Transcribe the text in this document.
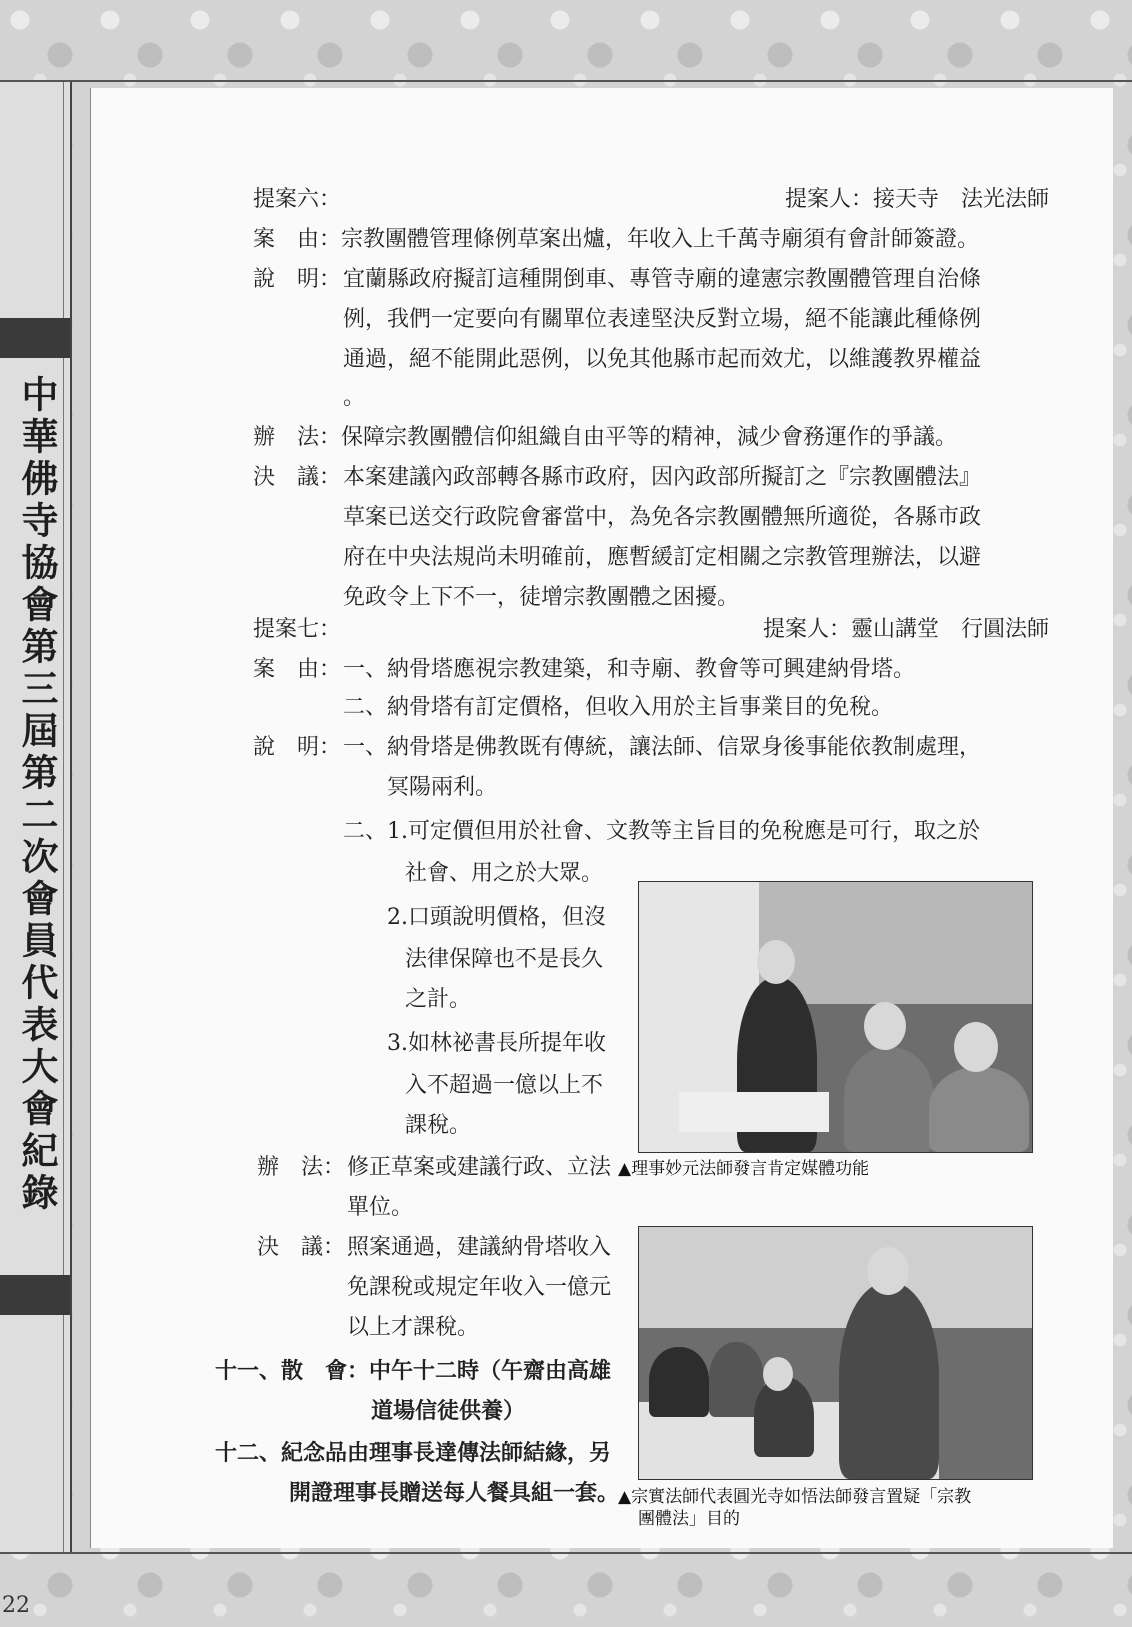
中華佛寺協會第三屆第二次會員代表大會紀錄
提案六：	提案人：接天寺　法光法師
案　由：宗教團體管理條例草案出爐，年收入上千萬寺廟須有會計師簽證。
說　明： 宜蘭縣政府擬訂這種開倒車、專管寺廟的違憲宗教團體管理自治條
例，我們一定要向有關單位表達堅決反對立場，絕不能讓此種條例
通過，絕不能開此惡例，以免其他縣市起而效尤，以維護教界權益
。
辦　法：保障宗教團體信仰組織自由平等的精神，減少會務運作的爭議。
決　議： 本案建議內政部轉各縣市政府，因內政部所擬訂之『宗教團體法』
草案已送交行政院會審當中，為免各宗教團體無所適從，各縣市政
府在中央法規尚未明確前，應暫緩訂定相關之宗教管理辦法，以避
免政令上下不一，徒增宗教團體之困擾。
提案七：	提案人：靈山講堂　行圓法師
案　由： 一、納骨塔應視宗教建築，和寺廟、教會等可興建納骨塔。
二、納骨塔有訂定價格，但收入用於主旨事業目的免稅。
說　明： 一、納骨塔是佛教既有傳統，讓法師、信眾身後事能依教制處理，
冥陽兩利。
二、1.可定價但用於社會、文教等主旨目的免稅應是可行，取之於
社會、用之於大眾。
2.口頭說明價格，但沒
法律保障也不是長久
之計。
3.如林祕書長所提年收
入不超過一億以上不
課稅。
辦　法： 修正草案或建議行政、立法
單位。
決　議： 照案通過，建議納骨塔收入
免課稅或規定年收入一億元
以上才課稅。
十一、散　會：中午十二時（午齋由高雄
道場信徒供養）
十二、紀念品由理事長達傳法師結緣，另
開證理事長贈送每人餐具組一套。
▲理事妙元法師發言肯定媒體功能
▲宗實法師代表圓光寺如悟法師發言置疑「宗教
團體法」目的
22
